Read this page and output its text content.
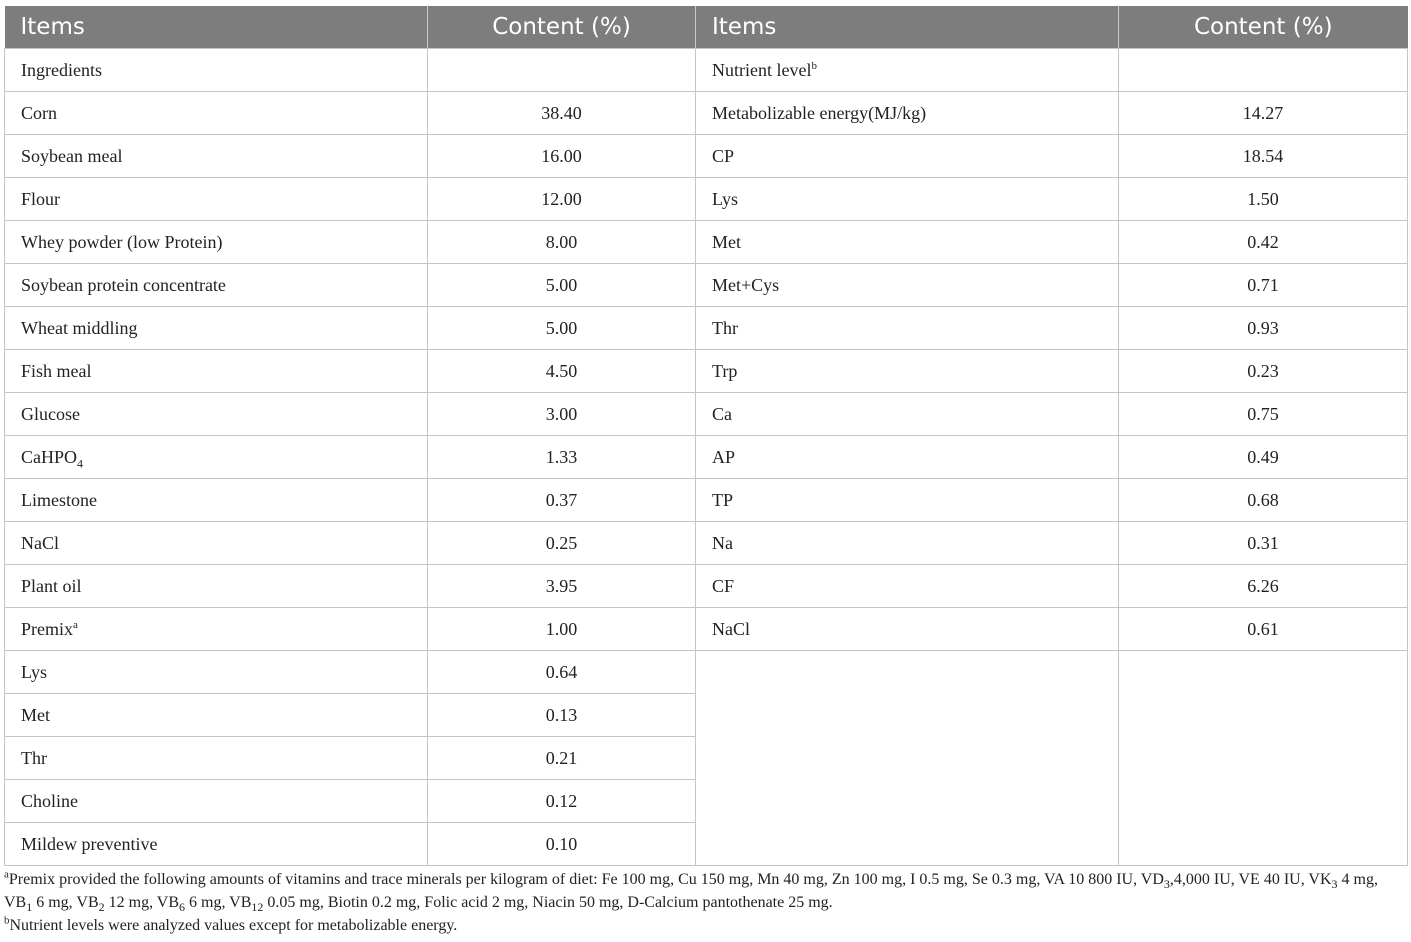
Items	Content (%)	Items	Content (%)
Ingredients		Nutrient level$^b$	
Corn	38.40	Metabolizable energy(MJ/kg)	14.27
Soybean meal	16.00	CP	18.54
Flour	12.00	Lys	1.50
Whey powder (low Protein)	8.00	Met	0.42
Soybean protein concentrate	5.00	Met+Cys	0.71
Wheat middling	5.00	Thr	0.93
Fish meal	4.50	Trp	0.23
Glucose	3.00	Ca	0.75
CaHPO$_4$	1.33	AP	0.49
Limestone	0.37	TP	0.68
NaCl	0.25	Na	0.31
Plant oil	3.95	CF	6.26
Premix$^a$	1.00	NaCl	0.61
Lys	0.64		
Met	0.13		
Thr	0.21		
Choline	0.12		
Mildew preventive	0.10		

$^a$Premix provided the following amounts of vitamins and trace minerals per kilogram of diet: Fe 100 mg, Cu 150 mg, Mn 40 mg, Zn 100 mg, I 0.5 mg, Se 0.3 mg, VA 10 800 IU, $VD_3,4,000$ IU, VE 40 IU, $VK_3$ 4 mg, $VB_1$ 6 mg, $VB_2$ 12 mg, $VB_6$ 6 mg, $VB_{12}$ 0.05 mg, Biotin 0.2 mg, Folic acid 2 mg, Niacin 50 mg, D-Calcium pantothenate 25 mg.

$^b$Nutrient levels were analyzed values except for metabolizable energy.
